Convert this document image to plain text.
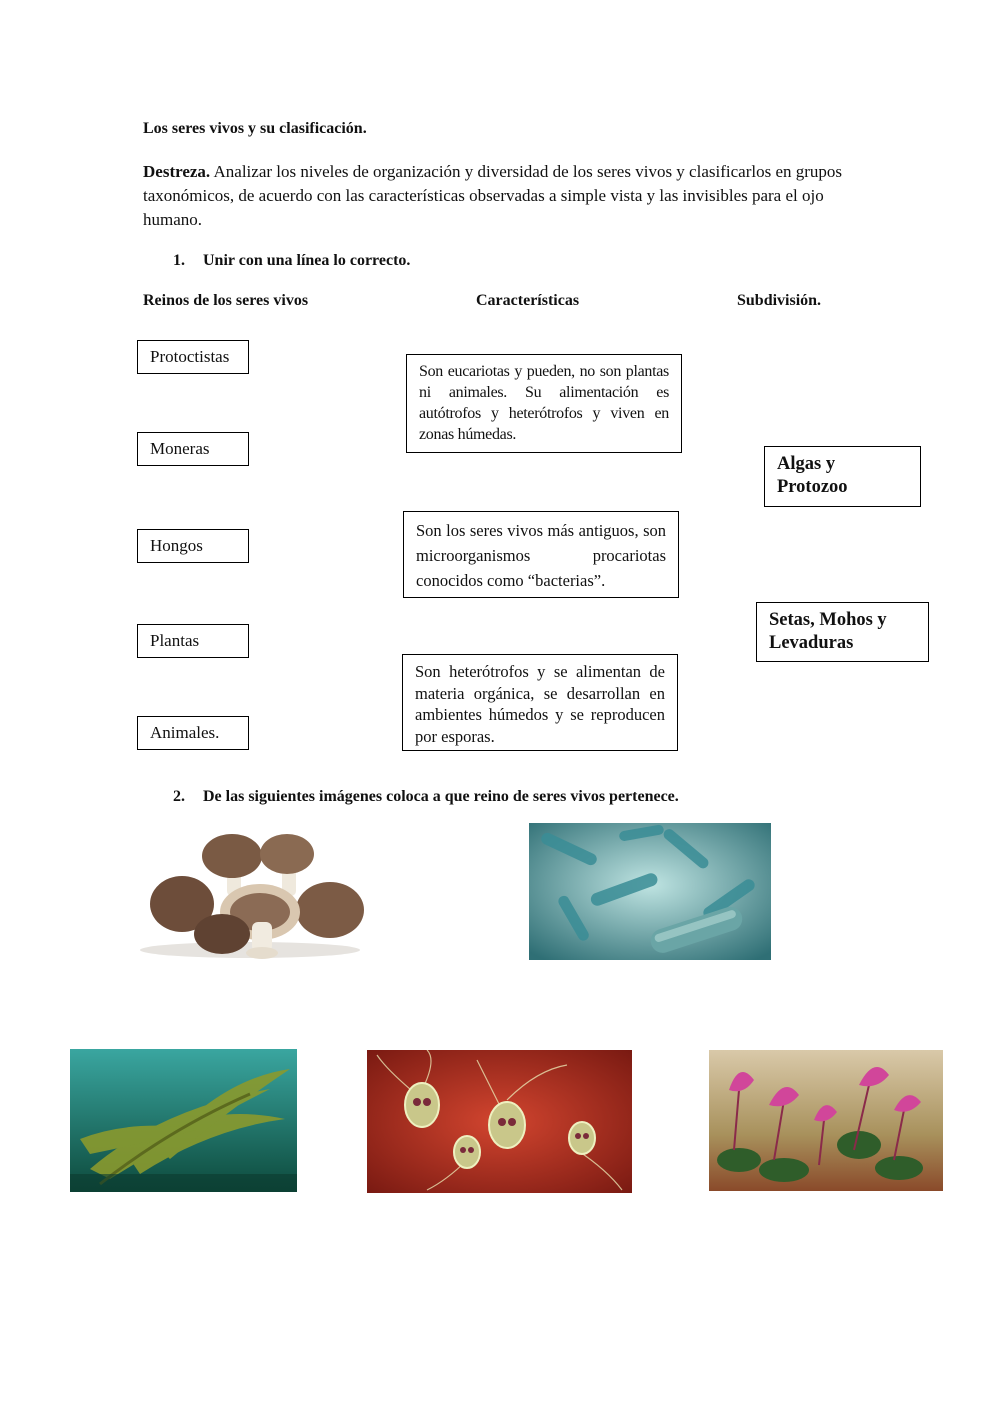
Los seres vivos y su clasificación.
Destreza. Analizar los niveles de organización y diversidad de los seres vivos y clasificarlos en grupos taxonómicos, de acuerdo con las características observadas a simple vista y las invisibles para el ojo humano.
1. Unir con una línea lo correcto.
Reinos de los seres vivos	Características	Subdivisión.
Protoctistas
Moneras
Hongos
Plantas
Animales.
Son eucariotas y pueden, no son plantas ni animales. Su alimentación es autótrofos y heterótrofos y viven en zonas húmedas.
Son los seres vivos más antiguos, son microorganismos procariotas conocidos como “bacterias”.
Son heterótrofos y se alimentan de materia orgánica, se desarrollan en ambientes húmedos y se reproducen por esporas.
Algas y Protozoo
Setas, Mohos y Levaduras
2. De las siguientes imágenes coloca a que reino de seres vivos pertenece.
